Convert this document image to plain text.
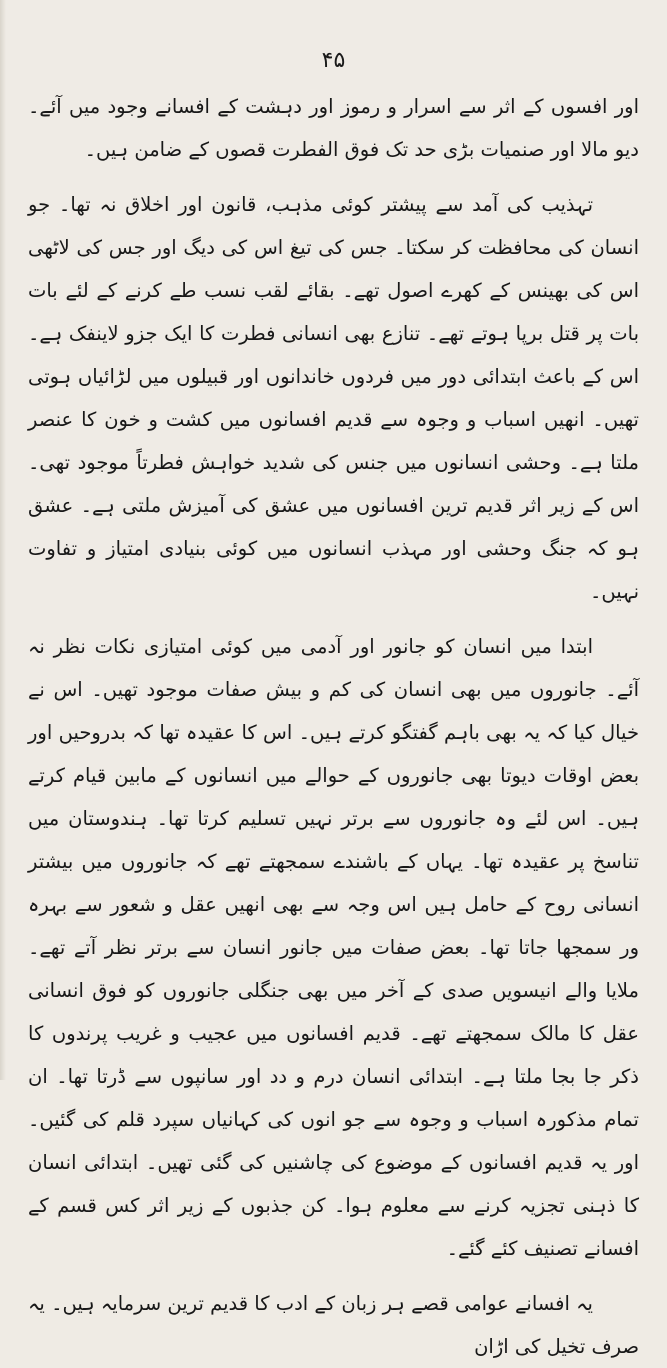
۴۵

اور افسوں کے اثر سے اسرار و رموز اور دہشت کے افسانے وجود میں آئے۔ دیو مالا اور صنمیات بڑی حد تک فوق الفطرت قصوں کے ضامن ہیں۔

تہذیب کی آمد سے پیشتر کوئی مذہب، قانون اور اخلاق نہ تھا۔ جو انسان کی محافظت کر سکتا۔ جس کی تیغ اس کی دیگ اور جس کی لاٹھی اس کی بھینس کے کھرے اصول تھے۔ بقائے لقب نسب طے کرنے کے لئے بات بات پر قتل برپا ہوتے تھے۔ تنازع بھی انسانی فطرت کا ایک جزو لاینفک ہے۔ اس کے باعث ابتدائی دور میں فردوں خاندانوں اور قبیلوں میں لڑائیاں ہوتی تھیں۔ انھیں اسباب و وجوہ سے قدیم افسانوں میں کشت و خون کا عنصر ملتا ہے۔ وحشی انسانوں میں جنس کی شدید خواہش فطرتاً موجود تھی۔ اس کے زیر اثر قدیم ترین افسانوں میں عشق کی آمیزش ملتی ہے۔ عشق ہو کہ جنگ وحشی اور مہذب انسانوں میں کوئی بنیادی امتیاز و تفاوت نہیں۔

ابتدا میں انسان کو جانور اور آدمی میں کوئی امتیازی نکات نظر نہ آئے۔ جانوروں میں بھی انسان کی کم و بیش صفات موجود تھیں۔ اس نے خیال کیا کہ یہ بھی باہم گفتگو کرتے ہیں۔ اس کا عقیدہ تھا کہ بدروحیں اور بعض اوقات دیوتا بھی جانوروں کے حوالے میں انسانوں کے مابین قیام کرتے ہیں۔ اس لئے وہ جانوروں سے برتر نہیں تسلیم کرتا تھا۔ ہندوستان میں تناسخ پر عقیدہ تھا۔ یہاں کے باشندے سمجھتے تھے کہ جانوروں میں بیشتر انسانی روح کے حامل ہیں اس وجہ سے بھی انھیں عقل و شعور سے بہرہ ور سمجھا جاتا تھا۔ بعض صفات میں جانور انسان سے برتر نظر آتے تھے۔ ملایا والے انیسویں صدی کے آخر میں بھی جنگلی جانوروں کو فوق انسانی عقل کا مالک سمجھتے تھے۔ قدیم افسانوں میں عجیب و غریب پرندوں کا ذکر جا بجا ملتا ہے۔ ابتدائی انسان درم و دد اور سانپوں سے ڈرتا تھا۔ ان تمام مذکورہ اسباب و وجوہ سے جو انوں کی کہانیاں سپرد قلم کی گئیں۔ اور یہ قدیم افسانوں کے موضوع کی چاشنیں کی گئی تھیں۔ ابتدائی انسان کا ذہنی تجزیہ کرنے سے معلوم ہوا۔ کن جذبوں کے زیر اثر کس قسم کے افسانے تصنیف کئے گئے۔

یہ افسانے عوامی قصے ہر زبان کے ادب کا قدیم ترین سرمایہ ہیں۔ یہ صرف تخیل کی اڑان
